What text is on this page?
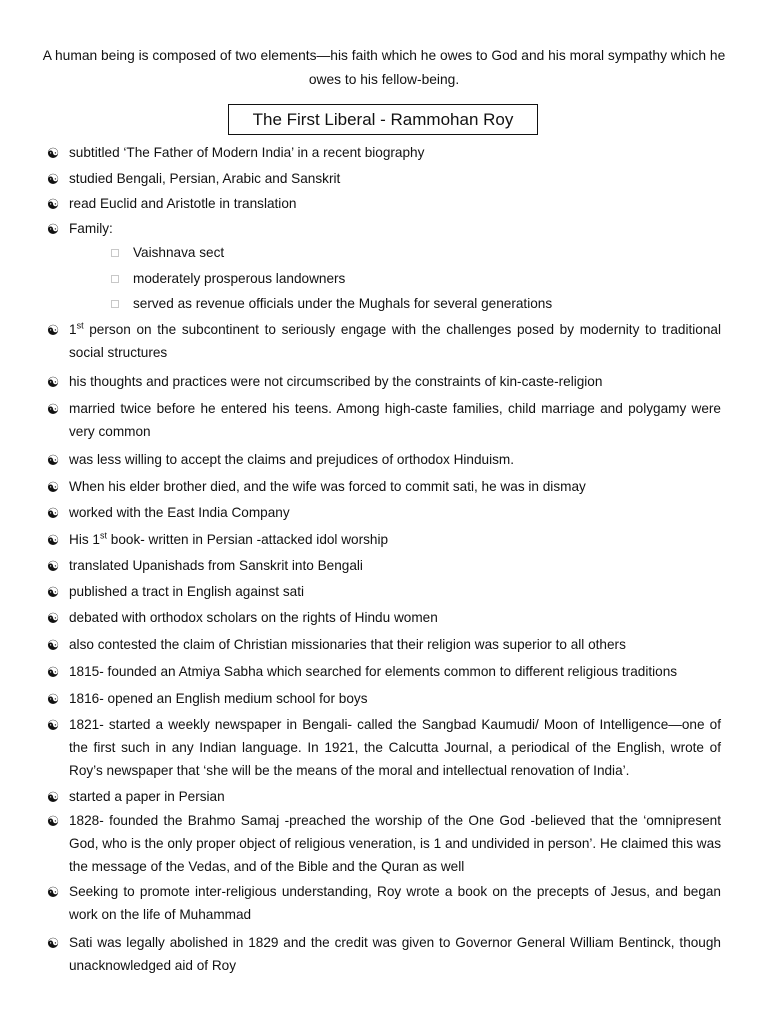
A human being is composed of two elements—his faith which he owes to God and his moral sympathy which he owes to his fellow-being.
The First Liberal - Rammohan Roy
☯ subtitled ‘The Father of Modern India’ in a recent biography
☯ studied Bengali, Persian, Arabic and Sanskrit
☯ read Euclid and Aristotle in translation
☯ Family:
☯ 1st person on the subcontinent to seriously engage with the challenges posed by modernity to traditional social structures
☯ his thoughts and practices were not circumscribed by the constraints of kin-caste-religion
☯ married twice before he entered his teens. Among high-caste families, child marriage and polygamy were very common
☯ was less willing to accept the claims and prejudices of orthodox Hinduism.
☯ When his elder brother died, and the wife was forced to commit sati, he was in dismay
☯ worked with the East India Company
☯ His 1st book- written in Persian -attacked idol worship
☯ translated Upanishads from Sanskrit into Bengali
☯ published a tract in English against sati
☯ debated with orthodox scholars on the rights of Hindu women
☯ also contested the claim of Christian missionaries that their religion was superior to all others
☯ 1815- founded an Atmiya Sabha which searched for elements common to different religious traditions
☯ 1816- opened an English medium school for boys
☯ 1821- started a weekly newspaper in Bengali- called the Sangbad Kaumudi/ Moon of Intelligence—one of the first such in any Indian language. In 1921, the Calcutta Journal, a periodical of the English, wrote of Roy’s newspaper that ‘she will be the means of the moral and intellectual renovation of India’.
☯ started a paper in Persian
☯ 1828- founded the Brahmo Samaj -preached the worship of the One God -believed that the ‘omnipresent God, who is the only proper object of religious veneration, is 1 and undivided in person’. He claimed this was the message of the Vedas, and of the Bible and the Quran as well
☯ Seeking to promote inter-religious understanding, Roy wrote a book on the precepts of Jesus, and began work on the life of Muhammad
☯ Sati was legally abolished in 1829 and the credit was given to Governor General William Bentinck, though unacknowledged aid of Roy
Vaishnava sect
moderately prosperous landowners
served as revenue officials under the Mughals for several generations
